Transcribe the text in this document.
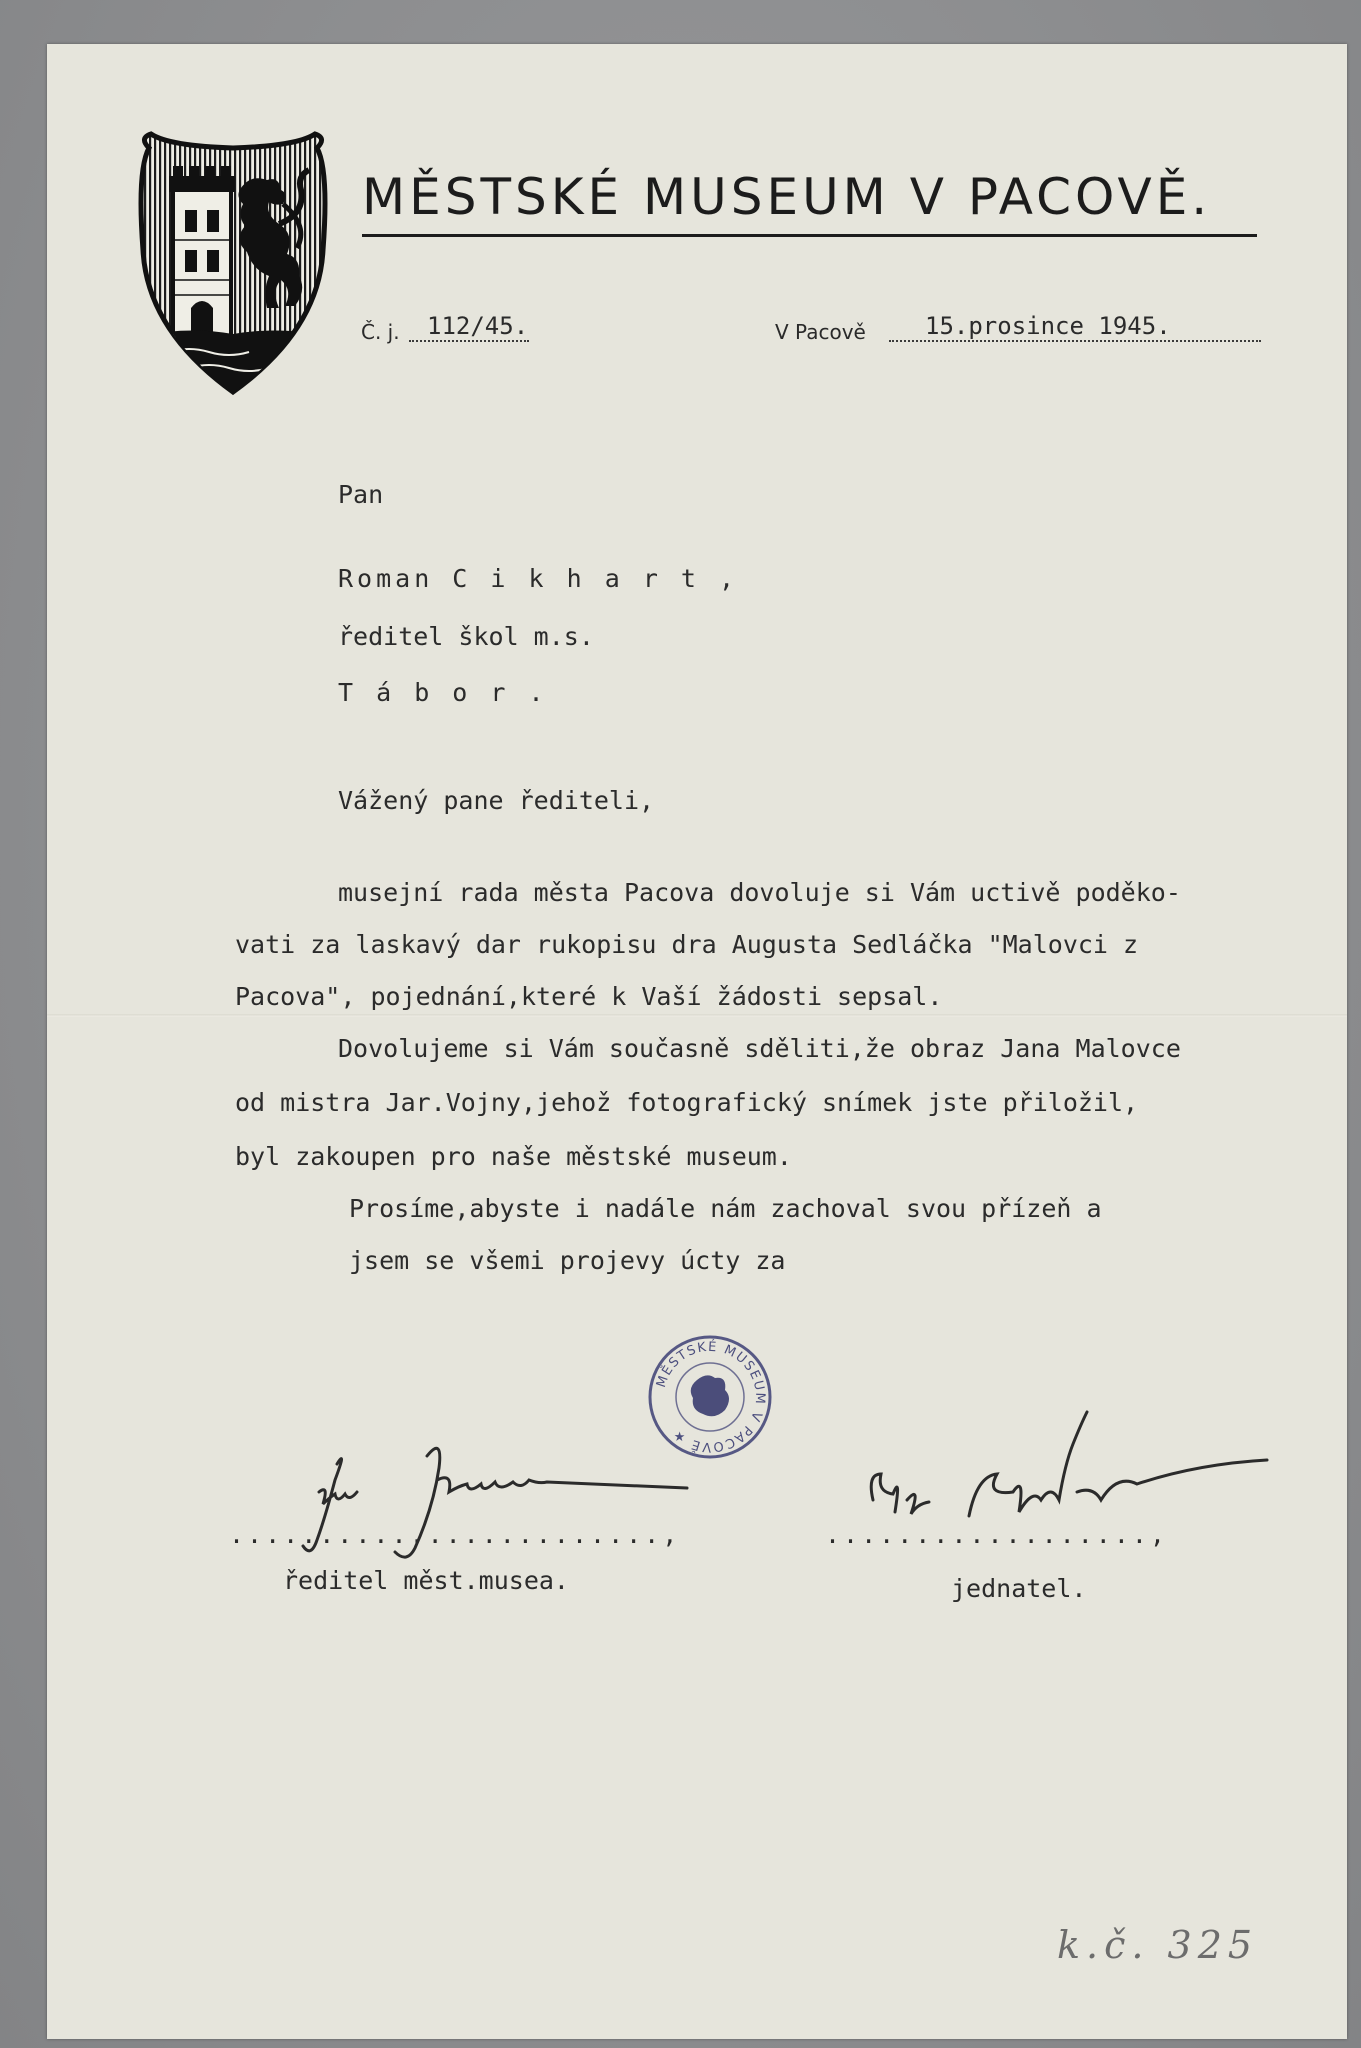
MĚSTSKÉ MUSEUM V PACOVĚ.
Č. j. 112/45.	V Pacově 15.prosince 1945.
Pan
Roman C i k h a r t ,
ředitel škol m.s.
T á b o r .
Vážený pane řediteli,
musejní rada města Pacova dovoluje si Vám uctivě poděko-
vati za laskavý dar rukopisu dra Augusta Sedláčka "Malovci z
Pacova", pojednání,které k Vaší žádosti sepsal.
Dovolujeme si Vám současně sděliti,že obraz Jana Malovce
od mistra Jar.Vojny,jehož fotografický snímek jste přiložil,
byl zakoupen pro naše městské museum.
Prosíme,abyste i nadále nám zachoval svou přízeň a
jsem se všemi projevy úcty za
MĚSTSKÉ MUSEUM V PACOVĚ ★
........................,
ředitel měst.musea.
..................,
jednatel.
k.č. 325
